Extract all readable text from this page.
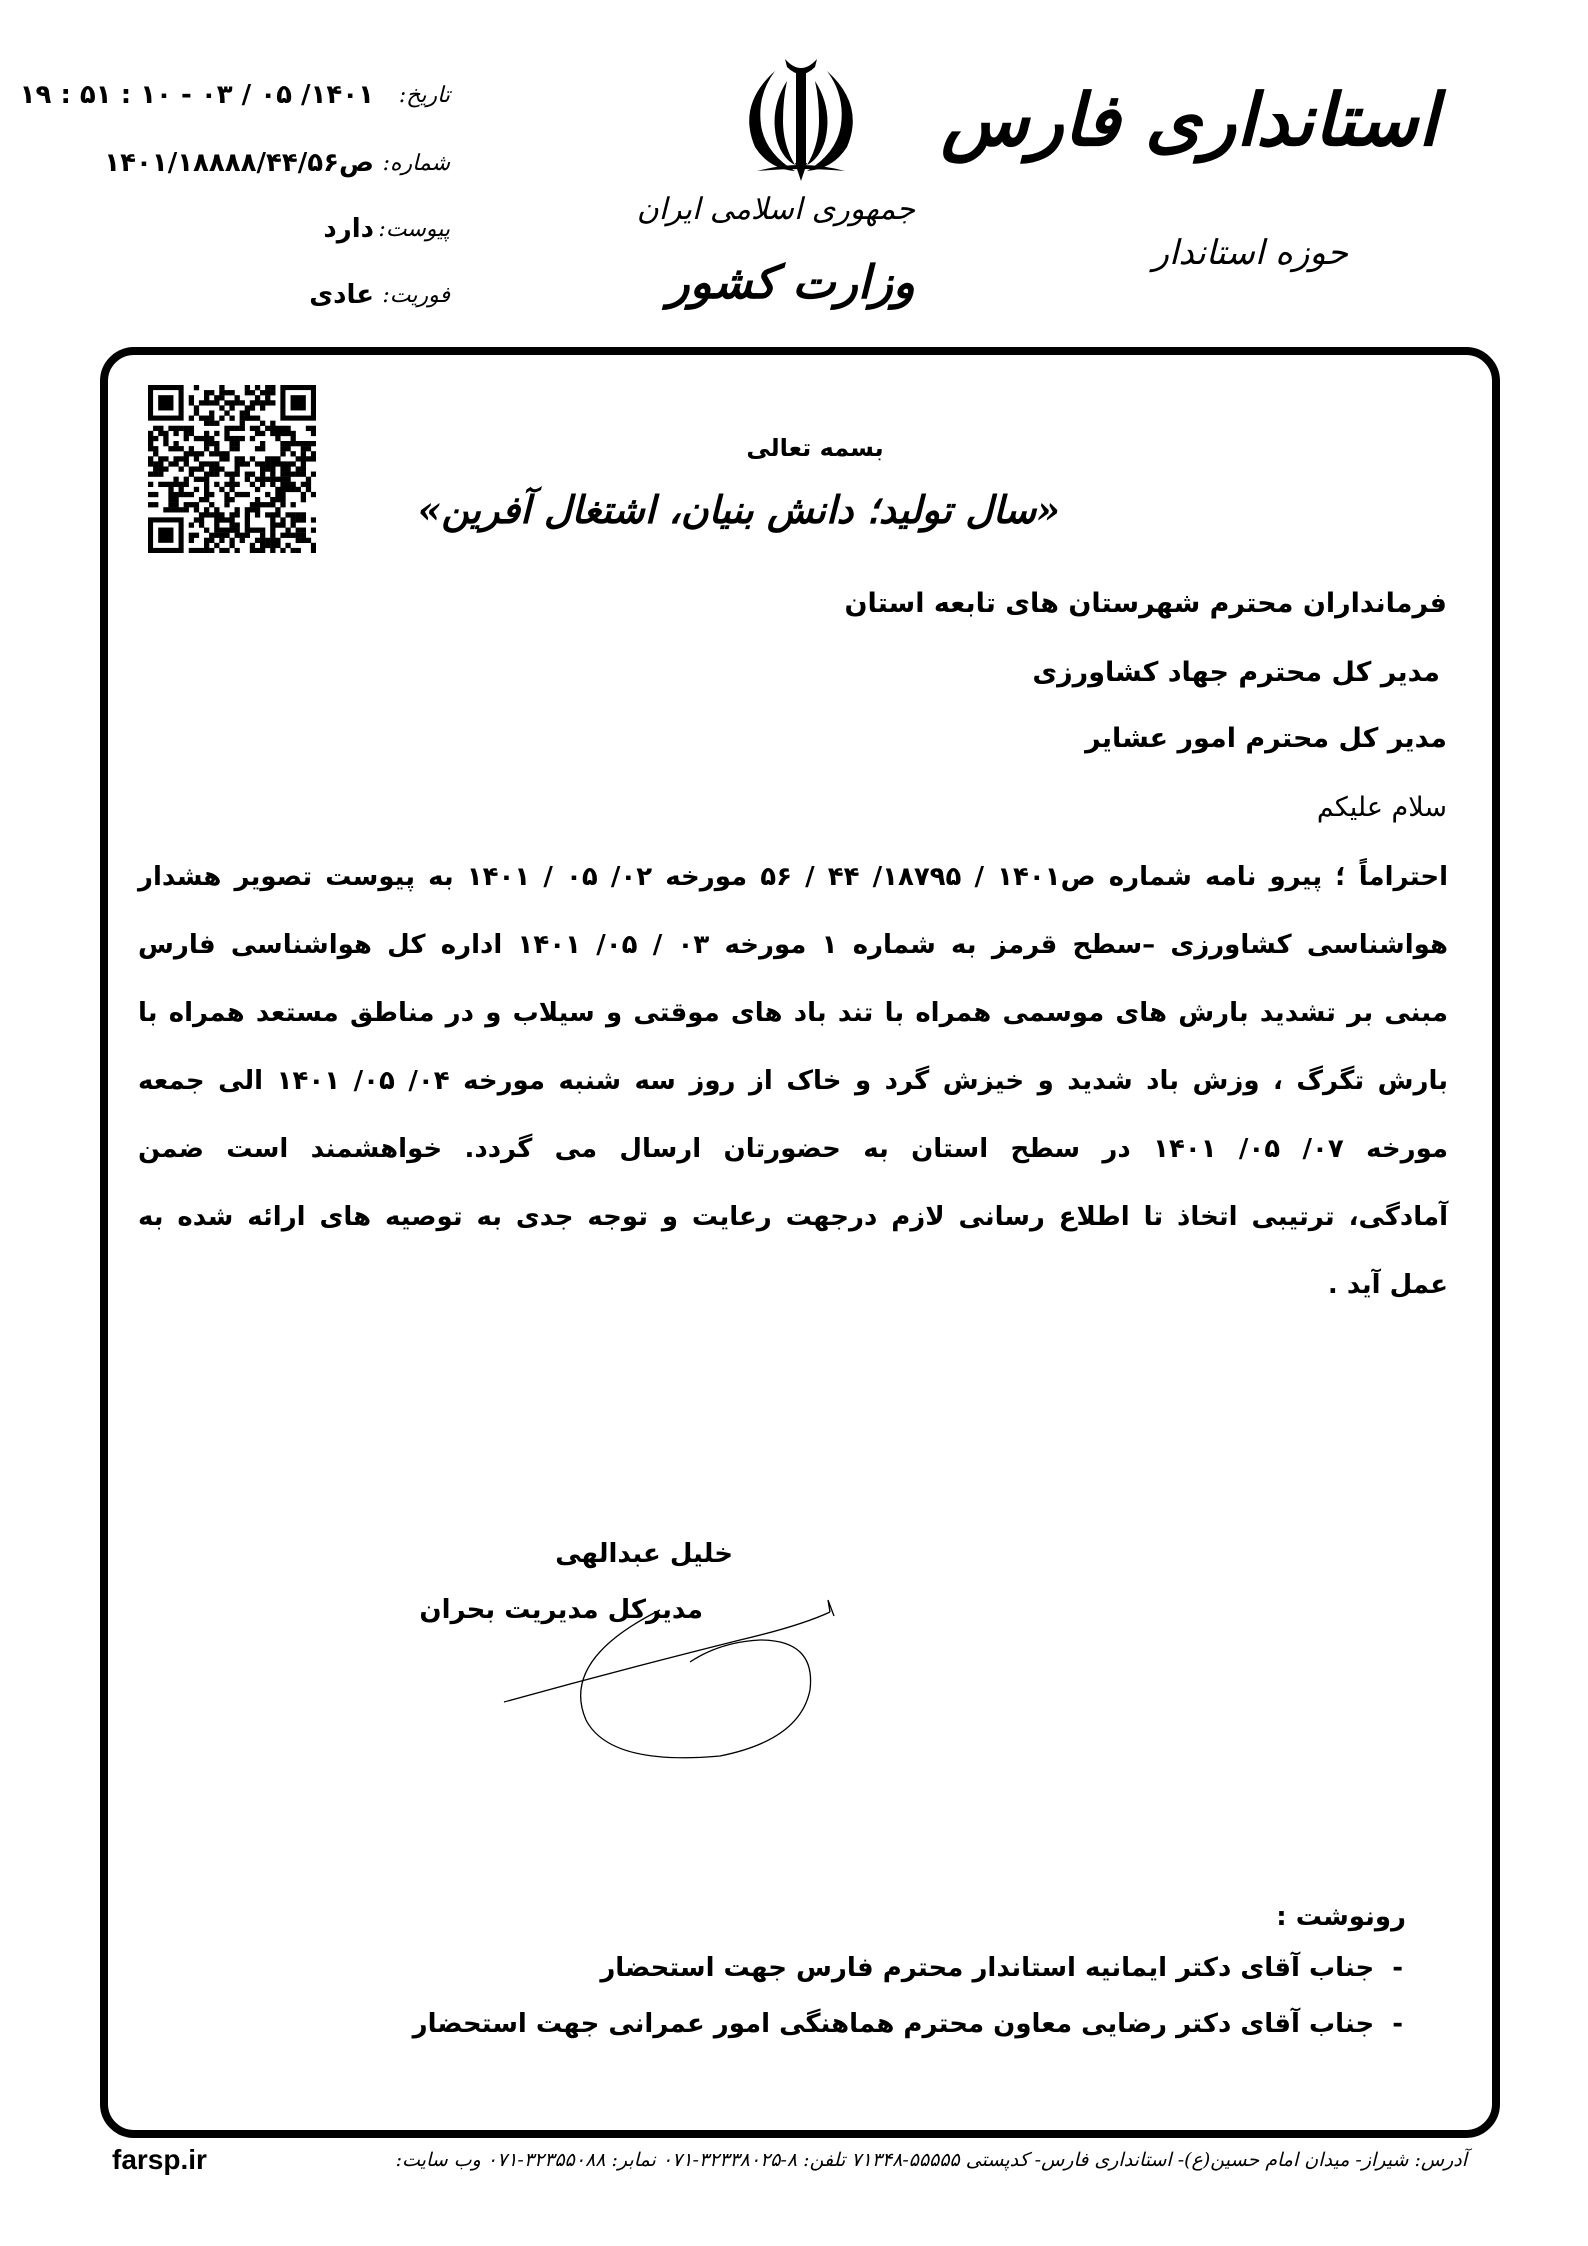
استانداری فارس
حوزه استاندار
جمهوری اسلامی ایران
وزارت کشور
تاریخ:
۱۴۰۱/ ۰۵ / ۰۳ - ۱۰ : ۵۱ : ۱۹
شماره:
ص۱۴۰۱/۱۸۸۸۸/۴۴/۵۶
پیوست:
دارد
فوریت:
عادی
بسمه تعالی
«سال تولید؛ دانش بنیان، اشتغال آفرین»
فرمانداران محترم شهرستان های تابعه استان
مدیر کل محترم جهاد کشاورزی
مدیر کل محترم امور عشایر
سلام علیکم
احتراماً ؛ پیرو نامه شماره ص۱۴۰۱ / ۱۸۷۹۵/ ۴۴ / ۵۶ مورخه ۰۲/ ۰۵ / ۱۴۰۱ به پیوست تصویر هشدار
هواشناسی کشاورزی –سطح قرمز به شماره ۱ مورخه ۰۳ / ۰۵/ ۱۴۰۱ اداره کل هواشناسی فارس
مبنی بر تشدید بارش های موسمی همراه با تند باد های موقتی و سیلاب و در مناطق مستعد همراه با
بارش تگرگ ، وزش باد شدید و خیزش گرد و خاک از روز سه شنبه مورخه ۰۴/ ۰۵/ ۱۴۰۱ الی جمعه
مورخه ۰۷/ ۰۵/ ۱۴۰۱ در سطح استان به حضورتان ارسال می گردد. خواهشمند است ضمن
آمادگی، ترتیبی اتخاذ تا اطلاع رسانی لازم درجهت رعایت و توجه جدی به توصیه های ارائه شده به
عمل آید .
خلیل عبدالهی
مدیرکل مدیریت بحران
رونوشت :
-جناب آقای دکتر ایمانیه استاندار محترم فارس جهت استحضار
-جناب آقای دکتر رضایی معاون محترم هماهنگی امور عمرانی جهت استحضار
آدرس: شیراز- میدان امام حسین(ع)- استانداری فارس- کدپستی ۵۵۵۵۵-۷۱۳۴۸ تلفن: ۸-۳۲۳۳۸۰۲۵-۰۷۱ نمابر: ۳۲۳۵۵۰۸۸-۰۷۱ وب سایت:
farsp.ir
